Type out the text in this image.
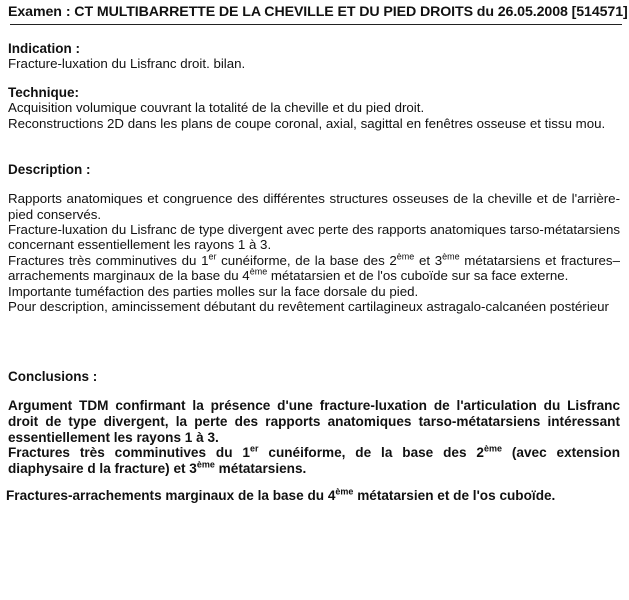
Examen : CT MULTIBARRETTE DE LA CHEVILLE ET DU PIED DROITS du 26.05.2008 [514571]

Indication :

Fracture-luxation du Lisfranc droit. bilan.

Technique:

Acquisition volumique couvrant la totalité de la cheville et du pied droit.

Reconstructions 2D dans les plans de coupe coronal, axial, sagittal en fenêtres osseuse et tissu mou.

Description :

Rapports anatomiques et congruence des différentes structures osseuses de la cheville et de l'arrière-pied conservés.

Fracture-luxation du Lisfranc de type divergent avec perte des rapports anatomiques tarso-métatarsiens concernant essentiellement les rayons 1 à 3.

Fractures très comminutives du 1er cunéiforme, de la base des 2ème et 3ème métatarsiens et fractures–arrachements marginaux de la base du 4ème métatarsien et de l'os cuboïde sur sa face externe.

Importante tuméfaction des parties molles sur la face dorsale du pied.

Pour description, amincissement débutant du revêtement cartilagineux astragalo-calcanéen postérieur

Conclusions :

Argument TDM confirmant la présence d'une fracture-luxation de l'articulation du Lisfranc droit de type divergent, la perte des rapports anatomiques tarso-métatarsiens intéressant essentiellement les rayons 1 à 3.

Fractures très comminutives du 1er cunéiforme, de la base des 2ème (avec extension diaphysaire d la fracture) et 3ème métatarsiens.

Fractures-arrachements marginaux de la base du 4ème métatarsien et de l'os cuboïde.
